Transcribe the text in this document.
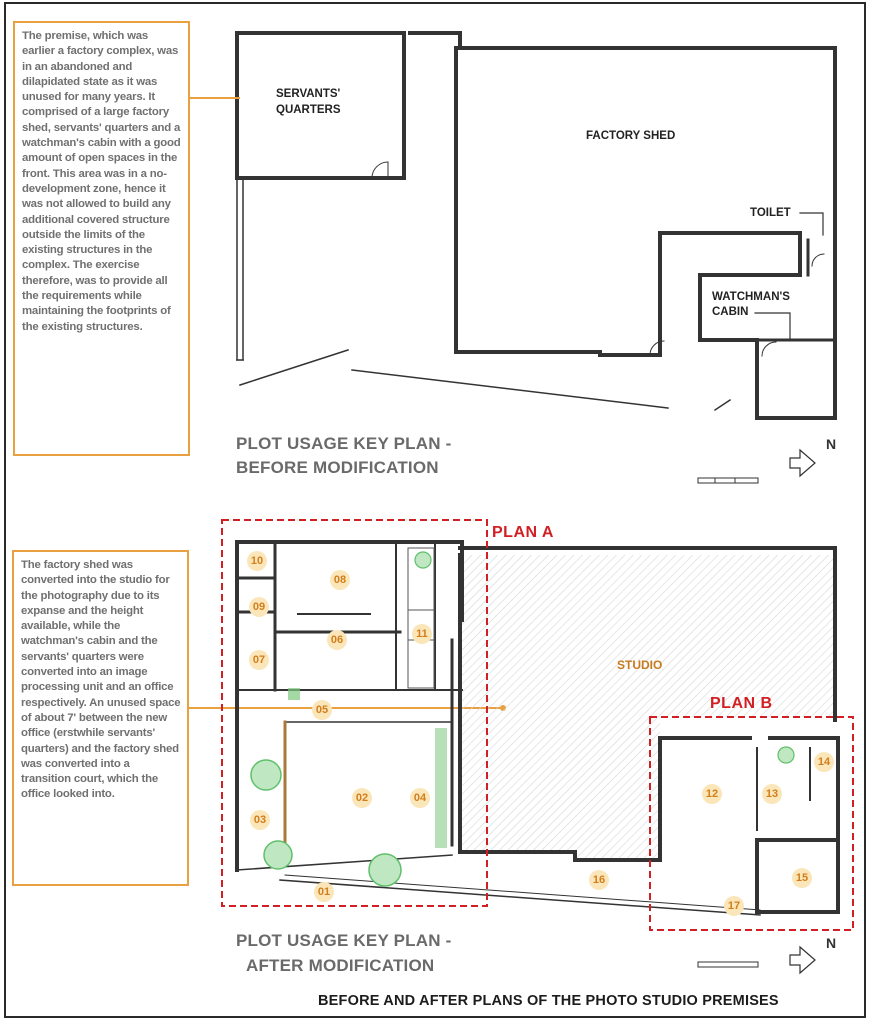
The premise, which was earlier a factory complex, was in an abandoned and dilapidated state as it was unused for many years. It comprised of a large factory shed, servants' quarters and a watchman's cabin with a good amount of open spaces in the front. This area was in a no-development zone, hence it was not allowed to build any additional covered structure outside the limits of the existing structures in the complex. The exercise therefore, was to provide all the requirements while maintaining the footprints of the existing structures.
The factory shed was converted into the studio for the photography due to its expanse and the height available, while the watchman's cabin and the servants' quarters were converted into an image processing unit and an office respectively. An unused space of about 7' between the new office (erstwhile servants' quarters) and the factory shed was converted into a transition court, which the office looked into.
SERVANTS'
QUARTERS
FACTORY SHED
TOILET
WATCHMAN'S
CABIN
PLOT USAGE KEY PLAN -
BEFORE MODIFICATION
N
PLAN A
PLAN B
STUDIO
PLOT USAGE KEY PLAN -
AFTER MODIFICATION
N
01
02
03
04
05
06
07
08
09
10
11
12	13
14
15
16
17
BEFORE AND AFTER PLANS OF THE PHOTO STUDIO PREMISES
